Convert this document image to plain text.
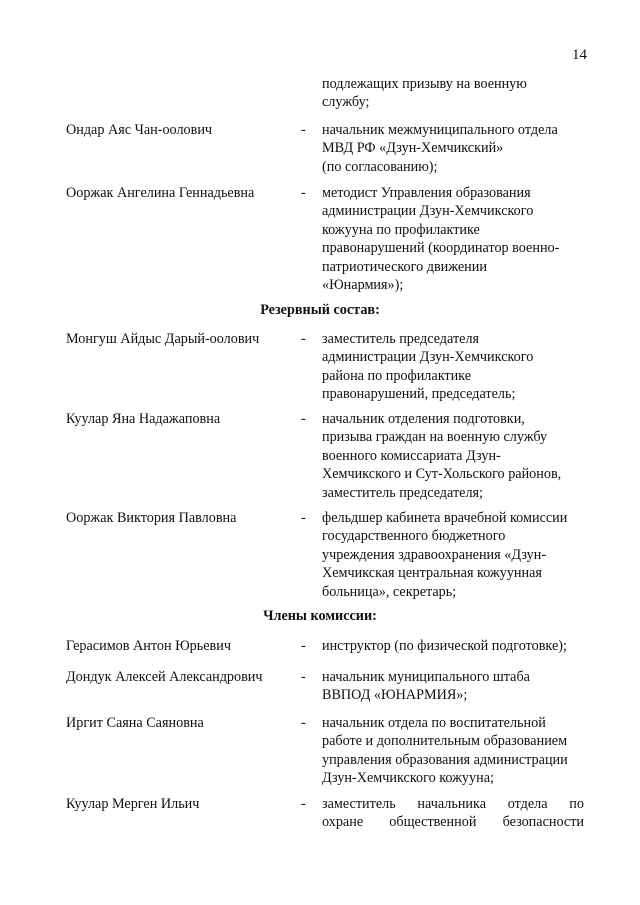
14
подлежащих призыву на военную
службу;
Ондар Аяс Чан-оолович	- начальник межмуниципального отдела
МВД РФ «Дзун-Хемчикский»
(по согласованию);
Ооржак Ангелина Геннадьевна	- методист Управления образования
администрации Дзун-Хемчикского
кожууна по профилактике
правонарушений (координатор военно-
патриотического движении
«Юнармия»);
Резервный состав:
Монгуш Айдыс Дарый-оолович	- заместитель председателя
администрации Дзун-Хемчикского
района по профилактике
правонарушений, председатель;
Куулар Яна Надажаповна	- начальник отделения подготовки,
призыва граждан на военную службу
военного комиссариата Дзун-
Хемчикского и Сут-Хольского районов,
заместитель председателя;
Ооржак Виктория Павловна	- фельдшер кабинета врачебной комиссии
государственного бюджетного
учреждения здравоохранения «Дзун-
Хемчикская центральная кожуунная
больница», секретарь;
Члены комиссии:
Герасимов Антон Юрьевич	- инструктор (по физической подготовке);
Дондук Алексей Александрович	- начальник муниципального штаба
ВВПОД «ЮНАРМИЯ»;
Иргит Саяна Саяновна	- начальник отдела по воспитательной
работе и дополнительным образованием
управления образования администрации
Дзун-Хемчикского кожууна;
Куулар Мерген Ильич	- заместитель начальника отдела по
охране общественной безопасности
